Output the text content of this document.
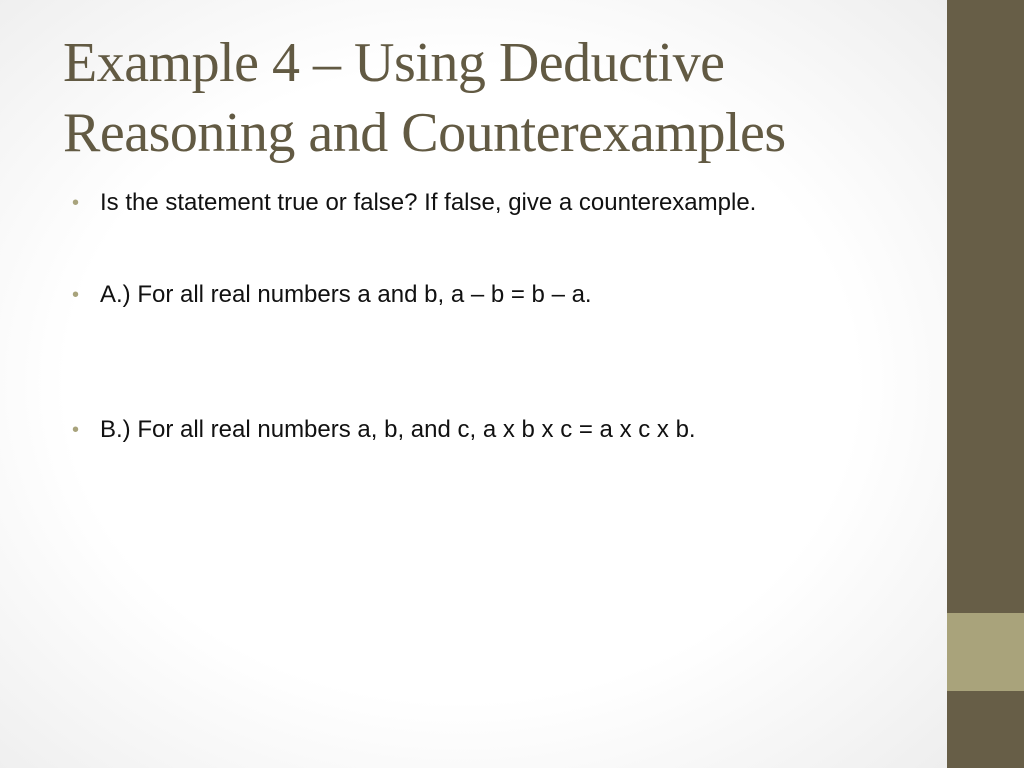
Example 4 – Using Deductive
Reasoning and Counterexamples
• Is the statement true or false? If false, give a counterexample.
• A.) For all real numbers a and b, a – b = b – a.
• B.) For all real numbers a, b, and c, a x b x c = a x c x b.
